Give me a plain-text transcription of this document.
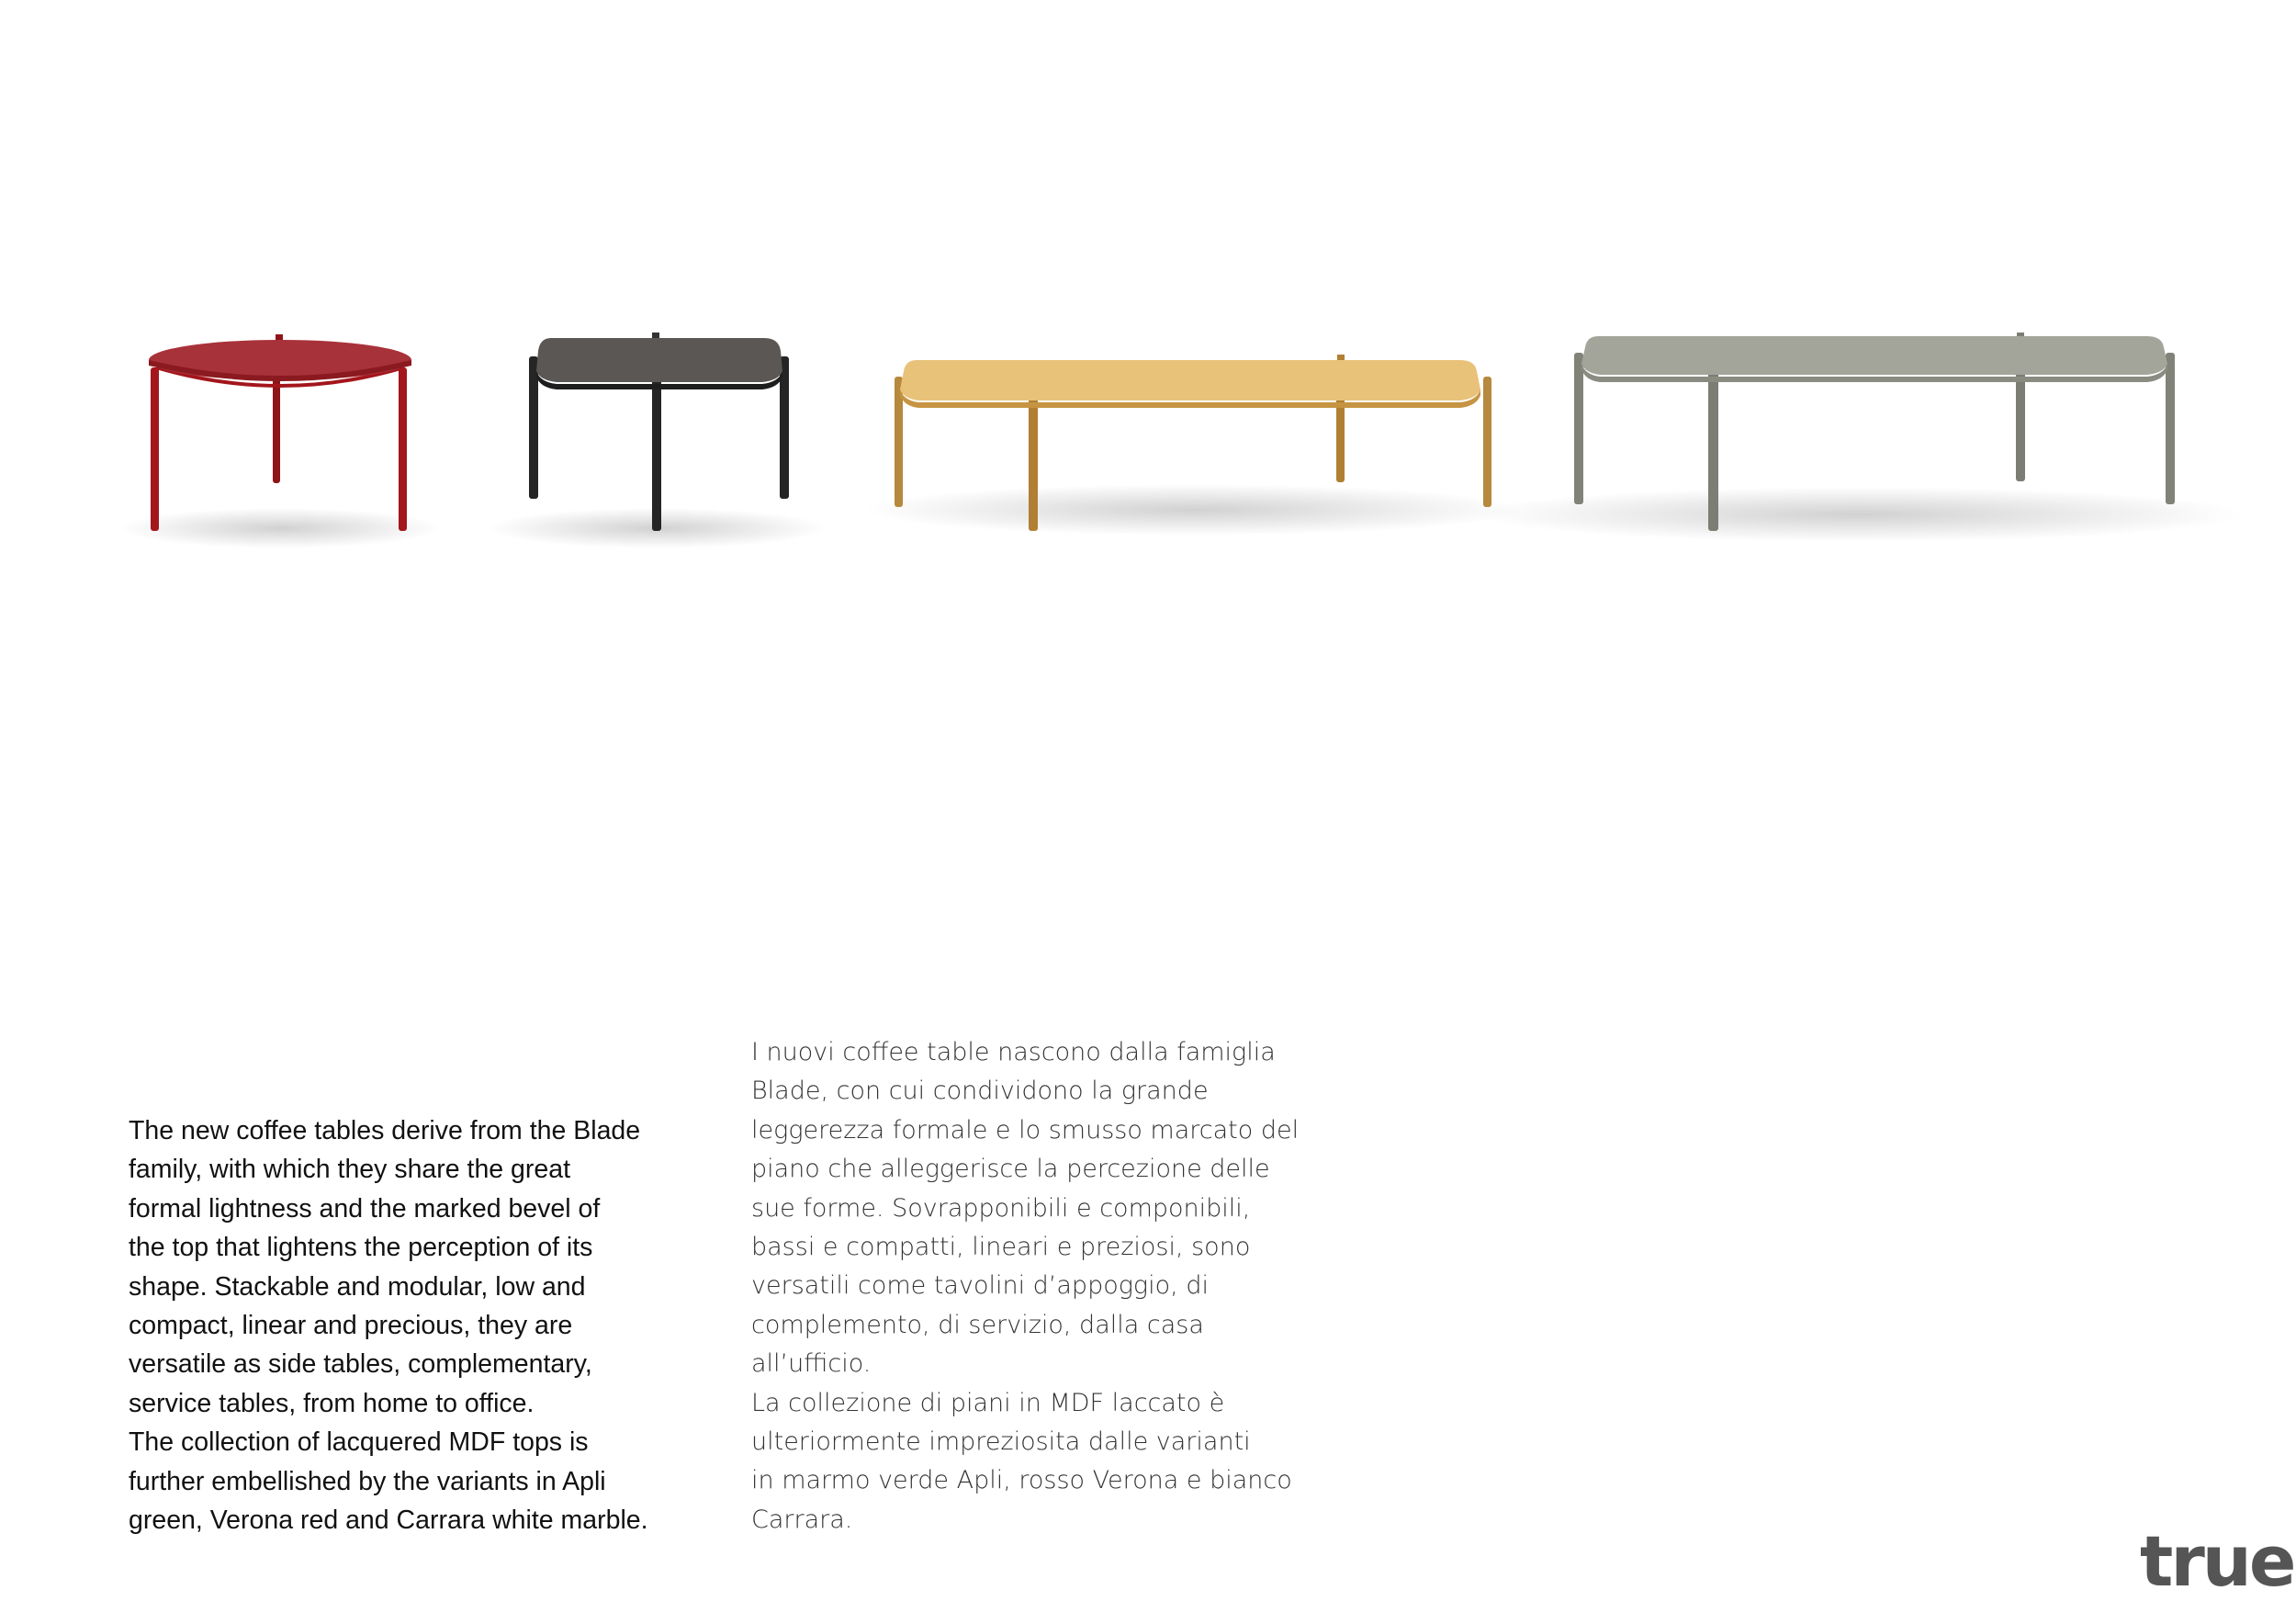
The new coffee tables derive from the Blade
family, with which they share the great
formal lightness and the marked bevel of
the top that lightens the perception of its
shape. Stackable and modular, low and
compact, linear and precious, they are
versatile as side tables, complementary,
service tables, from home to office.
The collection of lacquered MDF tops is
further embellished by the variants in Apli
green, Verona red and Carrara white marble.
I nuovi coffee table nascono dalla famiglia
Blade, con cui condividono la grande
leggerezza formale e lo smusso marcato del
piano che alleggerisce la percezione delle
sue forme. Sovrapponibili e componibili,
bassi e compatti, lineari e preziosi, sono
versatili come tavolini d’appoggio, di
complemento, di servizio, dalla casa
all’ufficio.
La collezione di piani in MDF laccato è
ulteriormente impreziosita dalle varianti
in marmo verde Apli, rosso Verona e bianco
Carrara.
true
